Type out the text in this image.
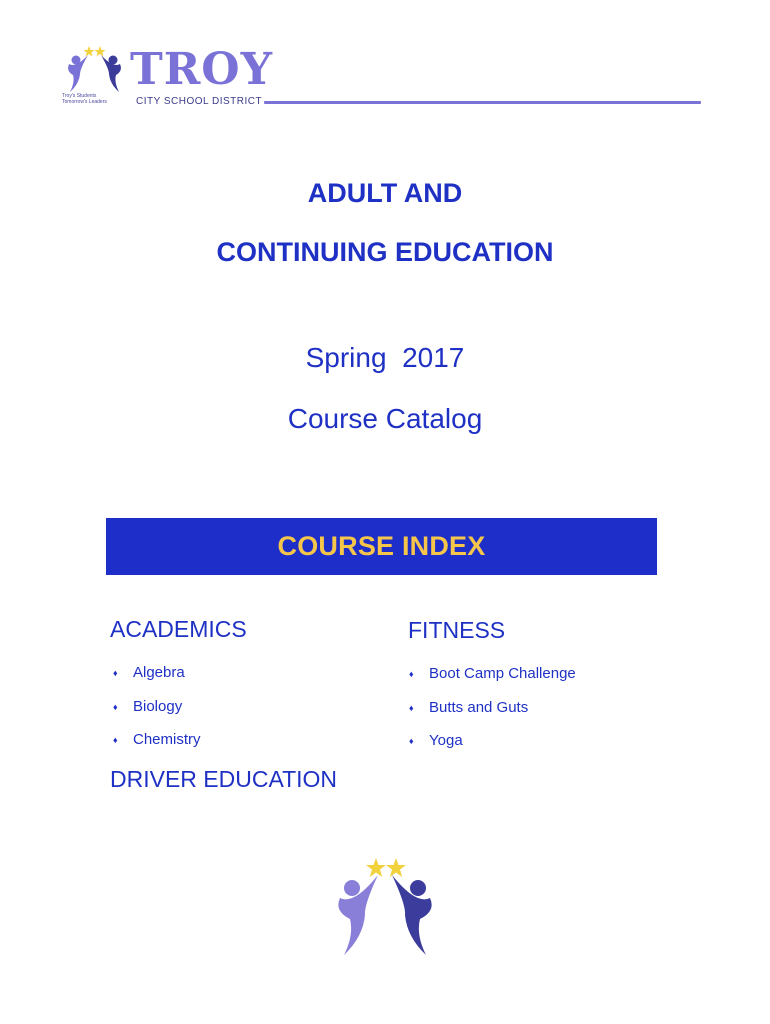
TROY
Troy's Students
Tomorrow's Leaders	CITY SCHOOL DISTRICT
ADULT AND
CONTINUING EDUCATION
Spring  2017
Course Catalog
COURSE INDEX
ACADEMICS
♦ Algebra
♦ Biology
♦ Chemistry
FITNESS
♦ Boot Camp Challenge
♦ Butts and Guts
♦ Yoga
DRIVER EDUCATION
